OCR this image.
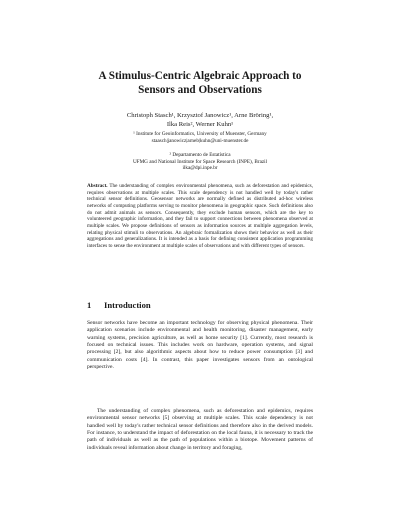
A Stimulus-Centric Algebraic Approach to
Sensors and Observations
Christoph Stasch¹, Krzysztof Janowicz¹, Arne Bröring¹,
Ilka Reis², Werner Kuhn¹
¹ Institute for Geoinformatics, University of Muenster, Germany
staasch|janowicz|arneb|kuhn@uni-muenster.de
² Departamento de Estatística
UFMG and National Institute for Space Research (INPE), Brazil
ilka@dpi.inpe.br
Abstract. The understanding of complex environmental phenomena, such as deforestation and epidemics, requires observations at multiple scales. This scale dependency is not handled well by today's rather technical sensor definitions. Geosensor networks are normally defined as distributed ad-hoc wireless networks of computing platforms serving to monitor phenomena in geographic space. Such definitions also do not admit animals as sensors. Consequently, they exclude human sensors, which are the key to volunteered geographic information, and they fail to support connections between phenomena observed at multiple scales. We propose definitions of sensors as information sources at multiple aggregation levels, relating physical stimuli to observations. An algebraic formalization shows their behavior as well as their aggregations and generalizations. It is intended as a basis for defining consistent application programming interfaces to sense the environment at multiple scales of observations and with different types of sensors.
1 Introduction
Sensor networks have become an important technology for observing physical phenomena. Their application scenarios include environmental and health monitoring, disaster management, early warning systems, precision agriculture, as well as home security [1]. Currently, most research is focused on technical issues. This includes work on hardware, operation systems, and signal processing [2], but also algorithmic aspects about how to reduce power consumption [3] and communication costs [4]. In contrast, this paper investigates sensors from an ontological perspective.
The understanding of complex phenomena, such as deforestation and epidemics, requires environmental sensor networks [5] observing at multiple scales. This scale dependency is not handled well by today's rather technical sensor definitions and therefore also in the derived models. For instance, to understand the impact of deforestation on the local fauna, it is necessary to track the path of individuals as well as the path of populations within a biotope. Movement patterns of individuals reveal information about change in territory and foraging,
